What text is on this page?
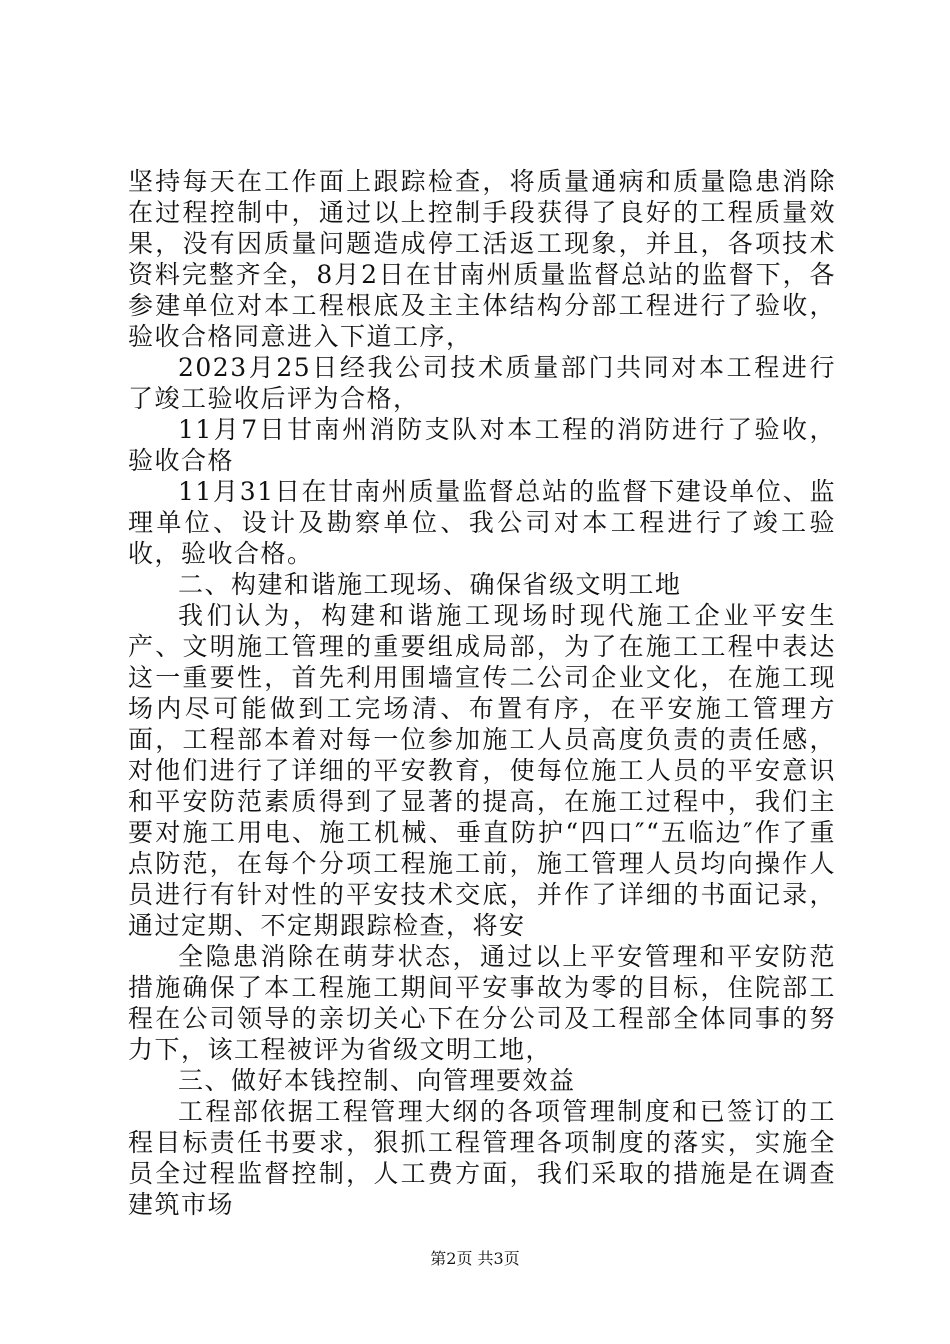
坚持每天在工作面上跟踪检查，将质量通病和质量隐患消除在过程控制中，通过以上控制手段获得了良好的工程质量效果，没有因质量问题造成停工活返工现象，并且，各项技术资料完整齐全，8月2日在甘南州质量监督总站的监督下，各参建单位对本工程根底及主主体结构分部工程进行了验收，验收合格同意进入下道工序，

2023月25日经我公司技术质量部门共同对本工程进行了竣工验收后评为合格，

11月7日甘南州消防支队对本工程的消防进行了验收，验收合格

11月31日在甘南州质量监督总站的监督下建设单位、监理单位、设计及勘察单位、我公司对本工程进行了竣工验收，验收合格。

二、构建和谐施工现场、确保省级文明工地

我们认为，构建和谐施工现场时现代施工企业平安生产、文明施工管理的重要组成局部，为了在施工工程中表达这一重要性，首先利用围墙宣传二公司企业文化，在施工现场内尽可能做到工完场清、布置有序，在平安施工管理方面，工程部本着对每一位参加施工人员高度负责的责任感，对他们进行了详细的平安教育，使每位施工人员的平安意识和平安防范素质得到了显著的提高，在施工过程中，我们主要对施工用电、施工机械、垂直防护“四口″“五临边″作了重点防范，在每个分项工程施工前，施工管理人员均向操作人员进行有针对性的平安技术交底，并作了详细的书面记录，通过定期、不定期跟踪检查，将安

全隐患消除在萌芽状态，通过以上平安管理和平安防范措施确保了本工程施工期间平安事故为零的目标，住院部工程在公司领导的亲切关心下在分公司及工程部全体同事的努力下，该工程被评为省级文明工地，

三、做好本钱控制、向管理要效益

工程部依据工程管理大纲的各项管理制度和已签订的工程目标责任书要求，狠抓工程管理各项制度的落实，实施全员全过程监督控制，人工费方面，我们采取的措施是在调查建筑市场

第2页 共3页
